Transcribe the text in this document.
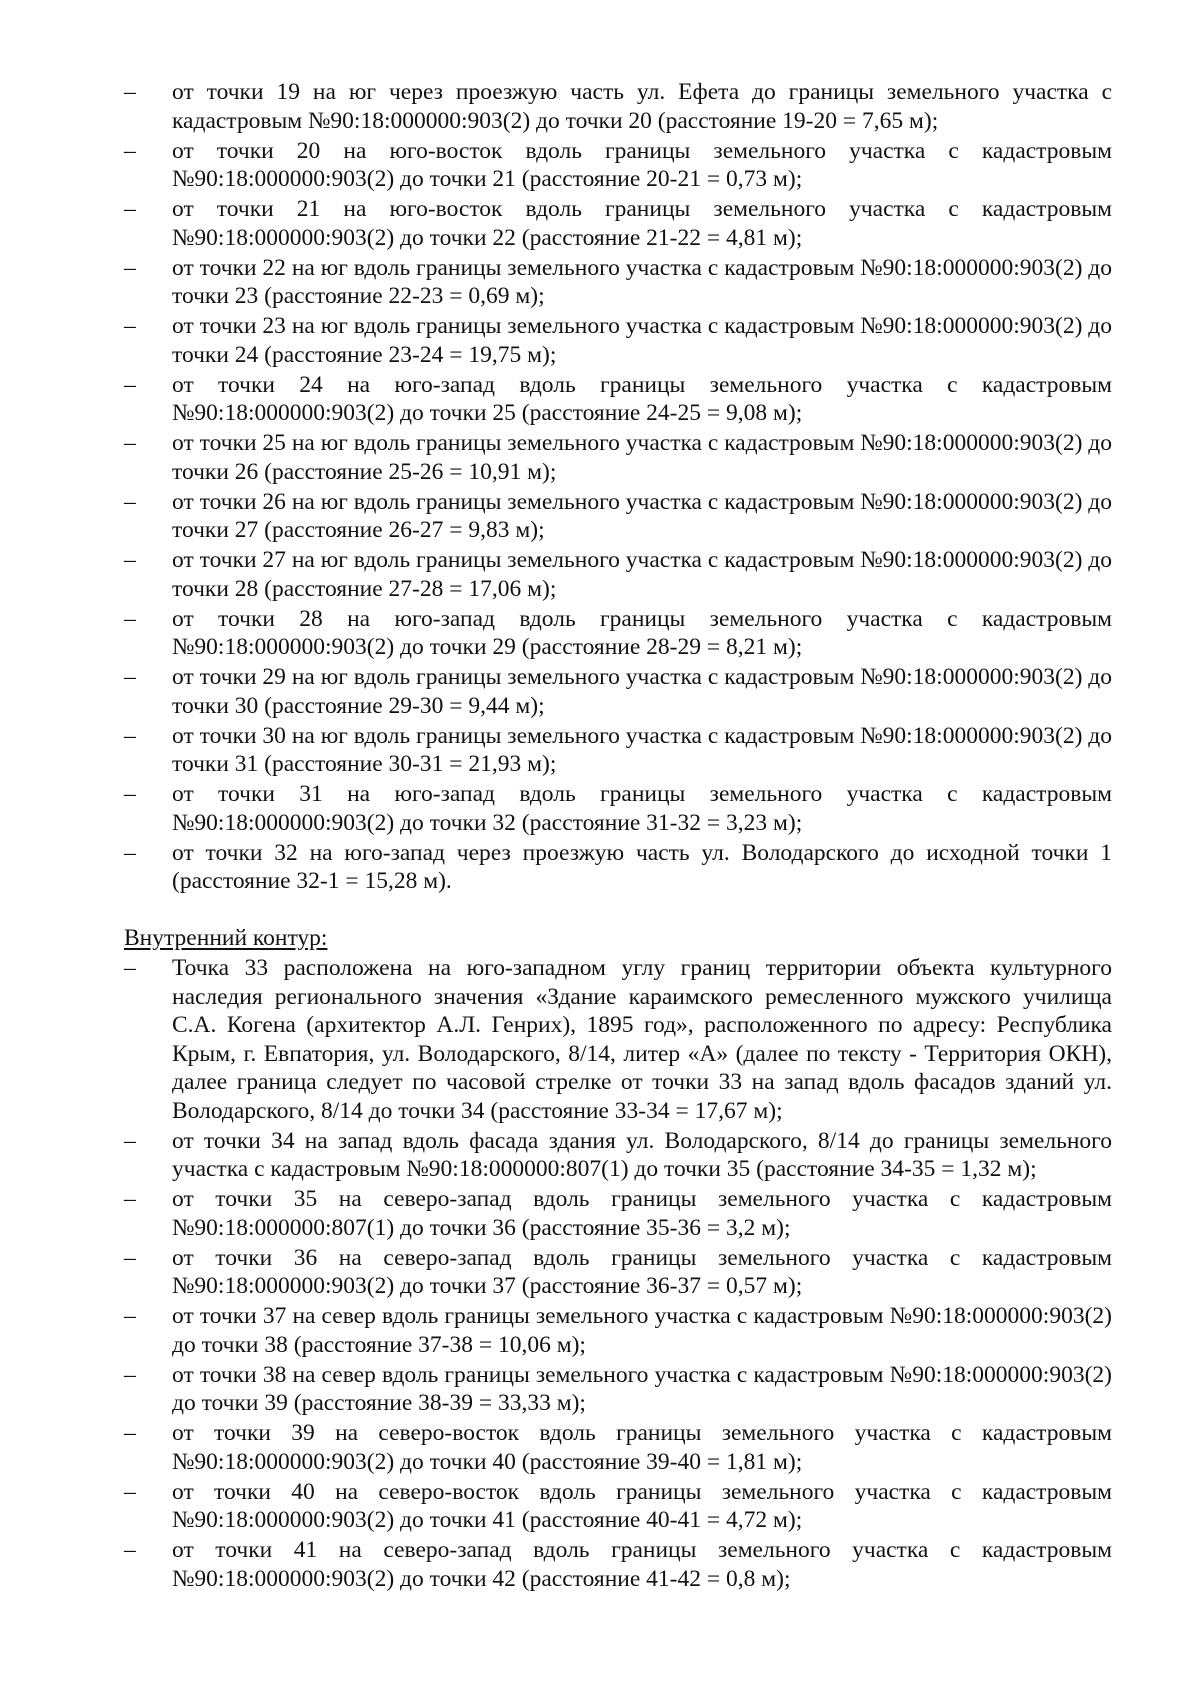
–	от точки 19 на юг через проезжую часть ул. Ефета до границы земельного участка с кадастровым №90:18:000000:903(2) до точки 20 (расстояние 19-20 = 7,65 м);
–	от точки 20 на юго-восток вдоль границы земельного участка с кадастровым №90:18:000000:903(2) до точки 21 (расстояние 20-21 = 0,73 м);
–	от точки 21 на юго-восток вдоль границы земельного участка с кадастровым №90:18:000000:903(2) до точки 22 (расстояние 21-22 = 4,81 м);
–	от точки 22 на юг вдоль границы земельного участка с кадастровым №90:18:000000:903(2) до точки 23 (расстояние 22-23 = 0,69 м);
–	от точки 23 на юг вдоль границы земельного участка с кадастровым №90:18:000000:903(2) до точки 24 (расстояние 23-24 = 19,75 м);
–	от точки 24 на юго-запад вдоль границы земельного участка с кадастровым №90:18:000000:903(2) до точки 25 (расстояние 24-25 = 9,08 м);
–	от точки 25 на юг вдоль границы земельного участка с кадастровым №90:18:000000:903(2) до точки 26 (расстояние 25-26 = 10,91 м);
–	от точки 26 на юг вдоль границы земельного участка с кадастровым №90:18:000000:903(2) до точки 27 (расстояние 26-27 = 9,83 м);
–	от точки 27 на юг вдоль границы земельного участка с кадастровым №90:18:000000:903(2) до точки 28 (расстояние 27-28 = 17,06 м);
–	от точки 28 на юго-запад вдоль границы земельного участка с кадастровым №90:18:000000:903(2) до точки 29 (расстояние 28-29 = 8,21 м);
–	от точки 29 на юг вдоль границы земельного участка с кадастровым №90:18:000000:903(2) до точки 30 (расстояние 29-30 = 9,44 м);
–	от точки 30 на юг вдоль границы земельного участка с кадастровым №90:18:000000:903(2) до точки 31 (расстояние 30-31 = 21,93 м);
–	от точки 31 на юго-запад вдоль границы земельного участка с кадастровым №90:18:000000:903(2) до точки 32 (расстояние 31-32 = 3,23 м);
–	от точки 32 на юго-запад через проезжую часть ул. Володарского до исходной точки 1 (расстояние 32-1 = 15,28 м).
Внутренний контур:
–	Точка 33 расположена на юго-западном углу границ территории объекта культурного наследия регионального значения «Здание караимского ремесленного мужского училища С.А. Когена (архитектор А.Л. Генрих), 1895 год», расположенного по адресу: Республика Крым, г. Евпатория, ул. Володарского, 8/14, литер «А» (далее по тексту - Территория ОКН), далее граница следует по часовой стрелке от точки 33 на запад вдоль фасадов зданий ул. Володарского, 8/14 до точки 34 (расстояние 33-34 = 17,67 м);
–	от точки 34 на запад вдоль фасада здания ул. Володарского, 8/14 до границы земельного участка с кадастровым №90:18:000000:807(1) до точки 35 (расстояние 34-35 = 1,32 м);
–	от точки 35 на северо-запад вдоль границы земельного участка с кадастровым №90:18:000000:807(1) до точки 36 (расстояние 35-36 = 3,2 м);
–	от точки 36 на северо-запад вдоль границы земельного участка с кадастровым №90:18:000000:903(2) до точки 37 (расстояние 36-37 = 0,57 м);
–	от точки 37 на север вдоль границы земельного участка с кадастровым №90:18:000000:903(2) до точки 38 (расстояние 37-38 = 10,06 м);
–	от точки 38 на север вдоль границы земельного участка с кадастровым №90:18:000000:903(2) до точки 39 (расстояние 38-39 = 33,33 м);
–	от точки 39 на северо-восток вдоль границы земельного участка с кадастровым №90:18:000000:903(2) до точки 40 (расстояние 39-40 = 1,81 м);
–	от точки 40 на северо-восток вдоль границы земельного участка с кадастровым №90:18:000000:903(2) до точки 41 (расстояние 40-41 = 4,72 м);
–	от точки 41 на северо-запад вдоль границы земельного участка с кадастровым №90:18:000000:903(2) до точки 42 (расстояние 41-42 = 0,8 м);
